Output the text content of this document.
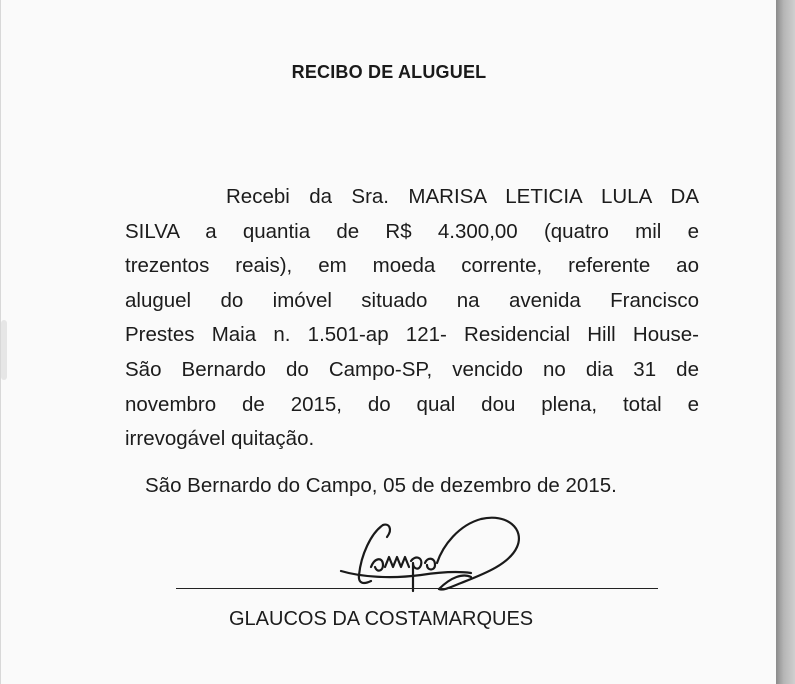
RECIBO DE ALUGUEL
Recebi da Sra. MARISA LETICIA LULA DA
SILVA a quantia de R$ 4.300,00 (quatro mil e
trezentos reais), em moeda corrente, referente ao
aluguel do imóvel situado na avenida Francisco
Prestes Maia n. 1.501-ap 121- Residencial Hill House-
São Bernardo do Campo-SP, vencido no dia 31 de
novembro de 2015, do qual dou plena, total e
irrevogável quitação.
São Bernardo do Campo, 05 de dezembro de 2015.
GLAUCOS DA COSTAMARQUES
